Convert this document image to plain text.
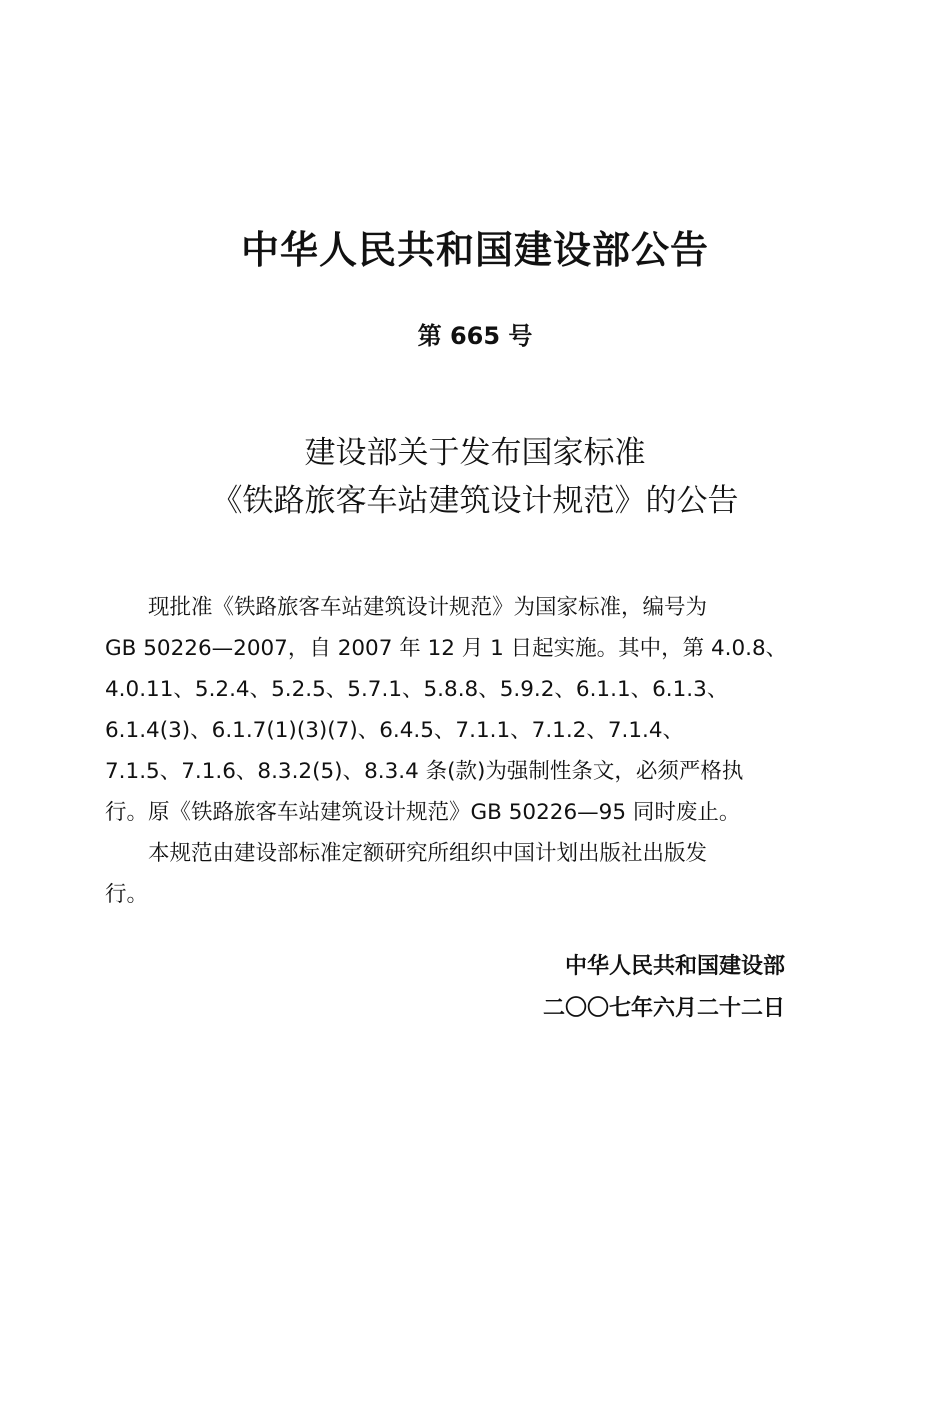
中华人民共和国建设部公告
第 665 号
建设部关于发布国家标准
《铁路旅客车站建筑设计规范》的公告
　　现批准《铁路旅客车站建筑设计规范》为国家标准，编号为
GB 50226—2007，自 2007 年 12 月 1 日起实施。其中，第 4.0.8、
4.0.11、5.2.4、5.2.5、5.7.1、5.8.8、5.9.2、6.1.1、6.1.3、
6.1.4(3)、6.1.7(1)(3)(7)、6.4.5、7.1.1、7.1.2、7.1.4、
7.1.5、7.1.6、8.3.2(5)、8.3.4 条(款)为强制性条文，必须严格执
行。原《铁路旅客车站建筑设计规范》GB 50226—95 同时废止。
　　本规范由建设部标准定额研究所组织中国计划出版社出版发
行。
中华人民共和国建设部
二〇〇七年六月二十二日
